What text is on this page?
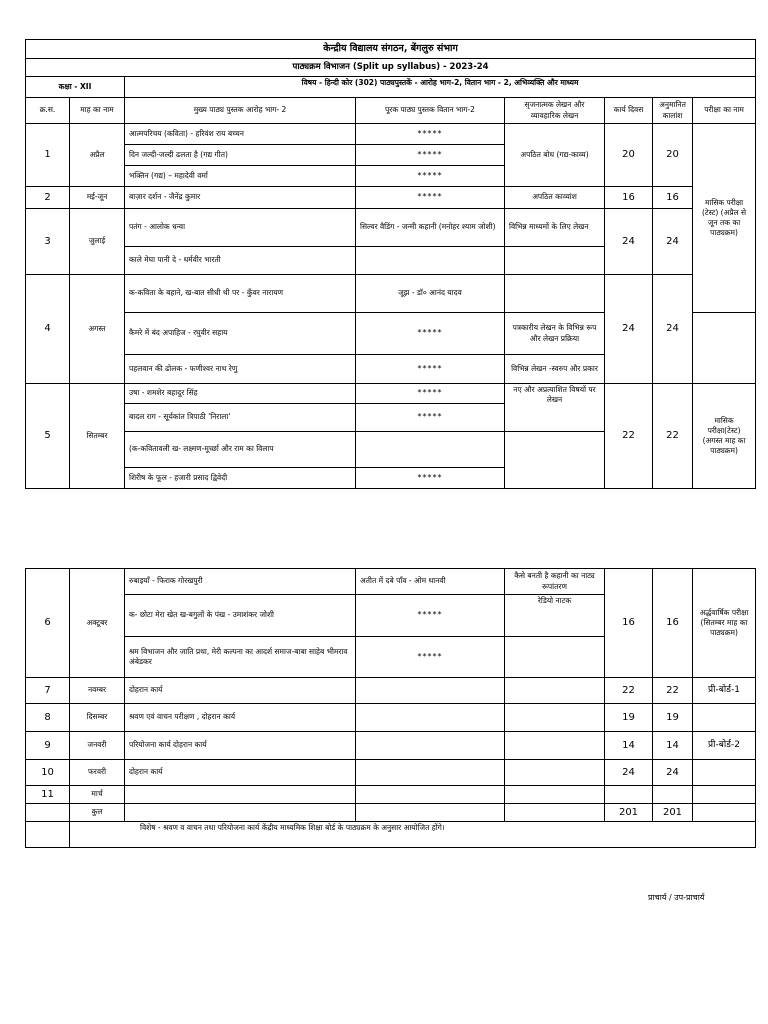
केन्द्रीय विद्यालय संगठन, बेंगलुरु संभाग								
पाठ्यक्रम विभाजन (Split up syllabus) - 2023-24								
कक्षा - XII		विषय - हिन्दी कोर (302) पाठ्यपुस्तकें - आरोह भाग-2, वितान भाग - 2, अभिव्यक्ति और माध्यम						
क्र.स.	माह का नाम	मुख्य पाठ्य पुस्तक आरोह भाग- 2	पूरक पाठ्य पुस्तक वितान भाग-2	सृजनात्मक लेखन और व्यावहारिक लेखन	कार्य दिवस	अनुमानित कालांश	परीक्षा का नाम	
1	अप्रैल	आत्मपरिचय (कविता) - हरिवंश राय बच्चन	*****	अपठित बोध (गद्य-काव्य)	20	20	मासिक परीक्षा (टेस्ट) (अप्रैल से जून तक का पाठ्यक्रम)	
		दिन जल्दी-जल्दी ढलता है (गद्य गीत)	*****					
		भक्तिन (गद्य) – महादेवी वर्मा	*****					
2	मई-जून	बाज़ार दर्शन - जैनेंद्र कुमार	*****	अपठित काव्यांश	16	16		
3	जुलाई	पतंग - आलोक धन्वा	सिल्वर वैडिंग - जन्मी कहानी (मनोहर श्याम जोशी)	विभिन्न माध्यमों के लिए लेखन	24	24		
		काले मेघा पानी दे - धर्मवीर भारती						
4	अगस्त	क-कविता के बहाने, ख-बात सीधी थी पर - कुँवर नारायण	जूझ - डॉ० आनंद यादव		24	24	
		कैमरे में बंद अपाहिज - रघुवीर सहाय	*****	पत्रकारीय लेखन के विभिन्न रूप और लेखन प्रक्रिया				
		पहलवान की ढोलक - फणीश्वर नाथ रेणु	*****	विभिन्न लेखन -स्वरुप और प्रकार				
5	सितम्बर	उषा - शमशेर बहादुर सिंह	*****	नए और अप्रत्याशित विषयों पर लेखन	22	22	मासिक परीक्षा(टेस्ट) (अगस्त माह का पाठ्यक्रम)	
		बादल राग - सूर्यकांत त्रिपाठी 'निराला'	*****					
		(क-कवितावली ख- लक्ष्मण-मूर्च्छा और राम का विलाप						
		शिरीष के फूल - हजारी प्रसाद द्विवेदी	*****					
6	अक्टूबर	रुबाइयाँ - फिराक गोरखपुरी	अतीत में दबे पाँव - ओम थानवी	कैसे बनती है कहानी का नाट्य रूपांतरण	16	16	अर्द्धवार्षिक परीक्षा (सितम्बर माह का पाठ्यक्रम)
		क- छोटा मेरा खेत ख-बगुलों के पंख - उमाशंकर जोशी	*****	रेडियो नाटक			

		श्रम विभाजन और जाति प्रथा, मेरी कल्पना का आदर्श समाज-बाबा साहेब भीमराव अंबेडकर	*****				
7	नवम्बर	दोहरान कार्य			22	22	प्री-बोर्ड-1
8	दिसम्बर	श्रवण एवं वाचन परीक्षण , दोहरान कार्य			19	19	
9	जनवरी	परियोजना कार्य दोहरान कार्य			14	14	प्री-बोर्ड-2
10	फरवरी	दोहरान कार्य			24	24	
11	मार्च						
	कुल				201	201	
	विशेष - श्रवण व वाचन तथा परियोजना कार्य केंद्रीय माध्यमिक शिक्षा बोर्ड के पाठ्यक्रम के अनुसार आयोजित होंगे।						
प्राचार्य / उप-प्राचार्य
